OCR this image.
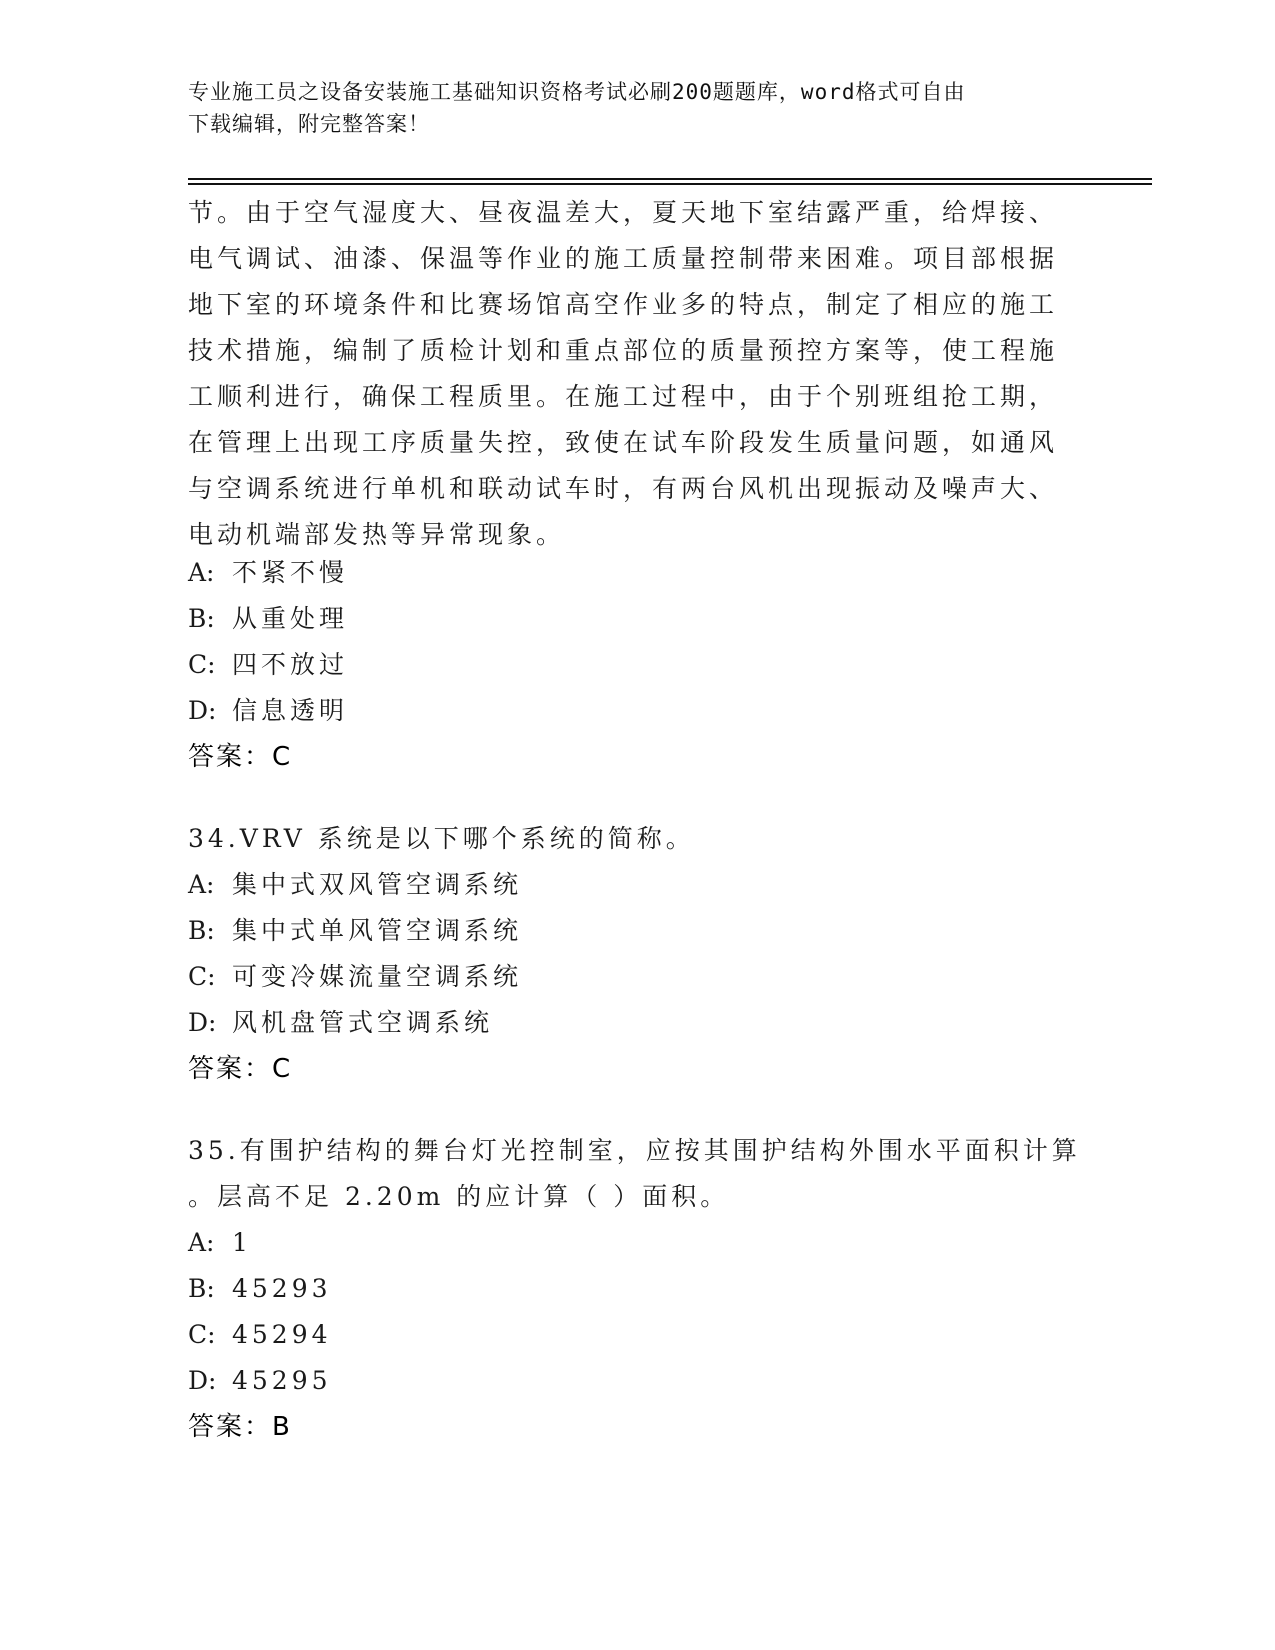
专业施工员之设备安装施工基础知识资格考试必刷200题题库，word格式可自由
下载编辑，附完整答案！
节。由于空气湿度大、昼夜温差大，夏天地下室结露严重，给焊接、
电气调试、油漆、保温等作业的施工质量控制带来困难。项目部根据
地下室的环境条件和比赛场馆高空作业多的特点，制定了相应的施工
技术措施，编制了质检计划和重点部位的质量预控方案等，使工程施
工顺利进行，确保工程质里。在施工过程中，由于个别班组抢工期，
在管理上出现工序质量失控，致使在试车阶段发生质量问题，如通风
与空调系统进行单机和联动试车时，有两台风机出现振动及噪声大、
电动机端部发热等异常现象。
A: 不紧不慢
B: 从重处理
C: 四不放过
D: 信息透明
答案：C
34.VRV 系统是以下哪个系统的简称。
A: 集中式双风管空调系统
B: 集中式单风管空调系统
C: 可变冷媒流量空调系统
D: 风机盘管式空调系统
答案：C
35.有围护结构的舞台灯光控制室，应按其围护结构外围水平面积计算
。层高不足 2.20m 的应计算（ ）面积。
A: 1
B: 45293
C: 45294
D: 45295
答案：B
